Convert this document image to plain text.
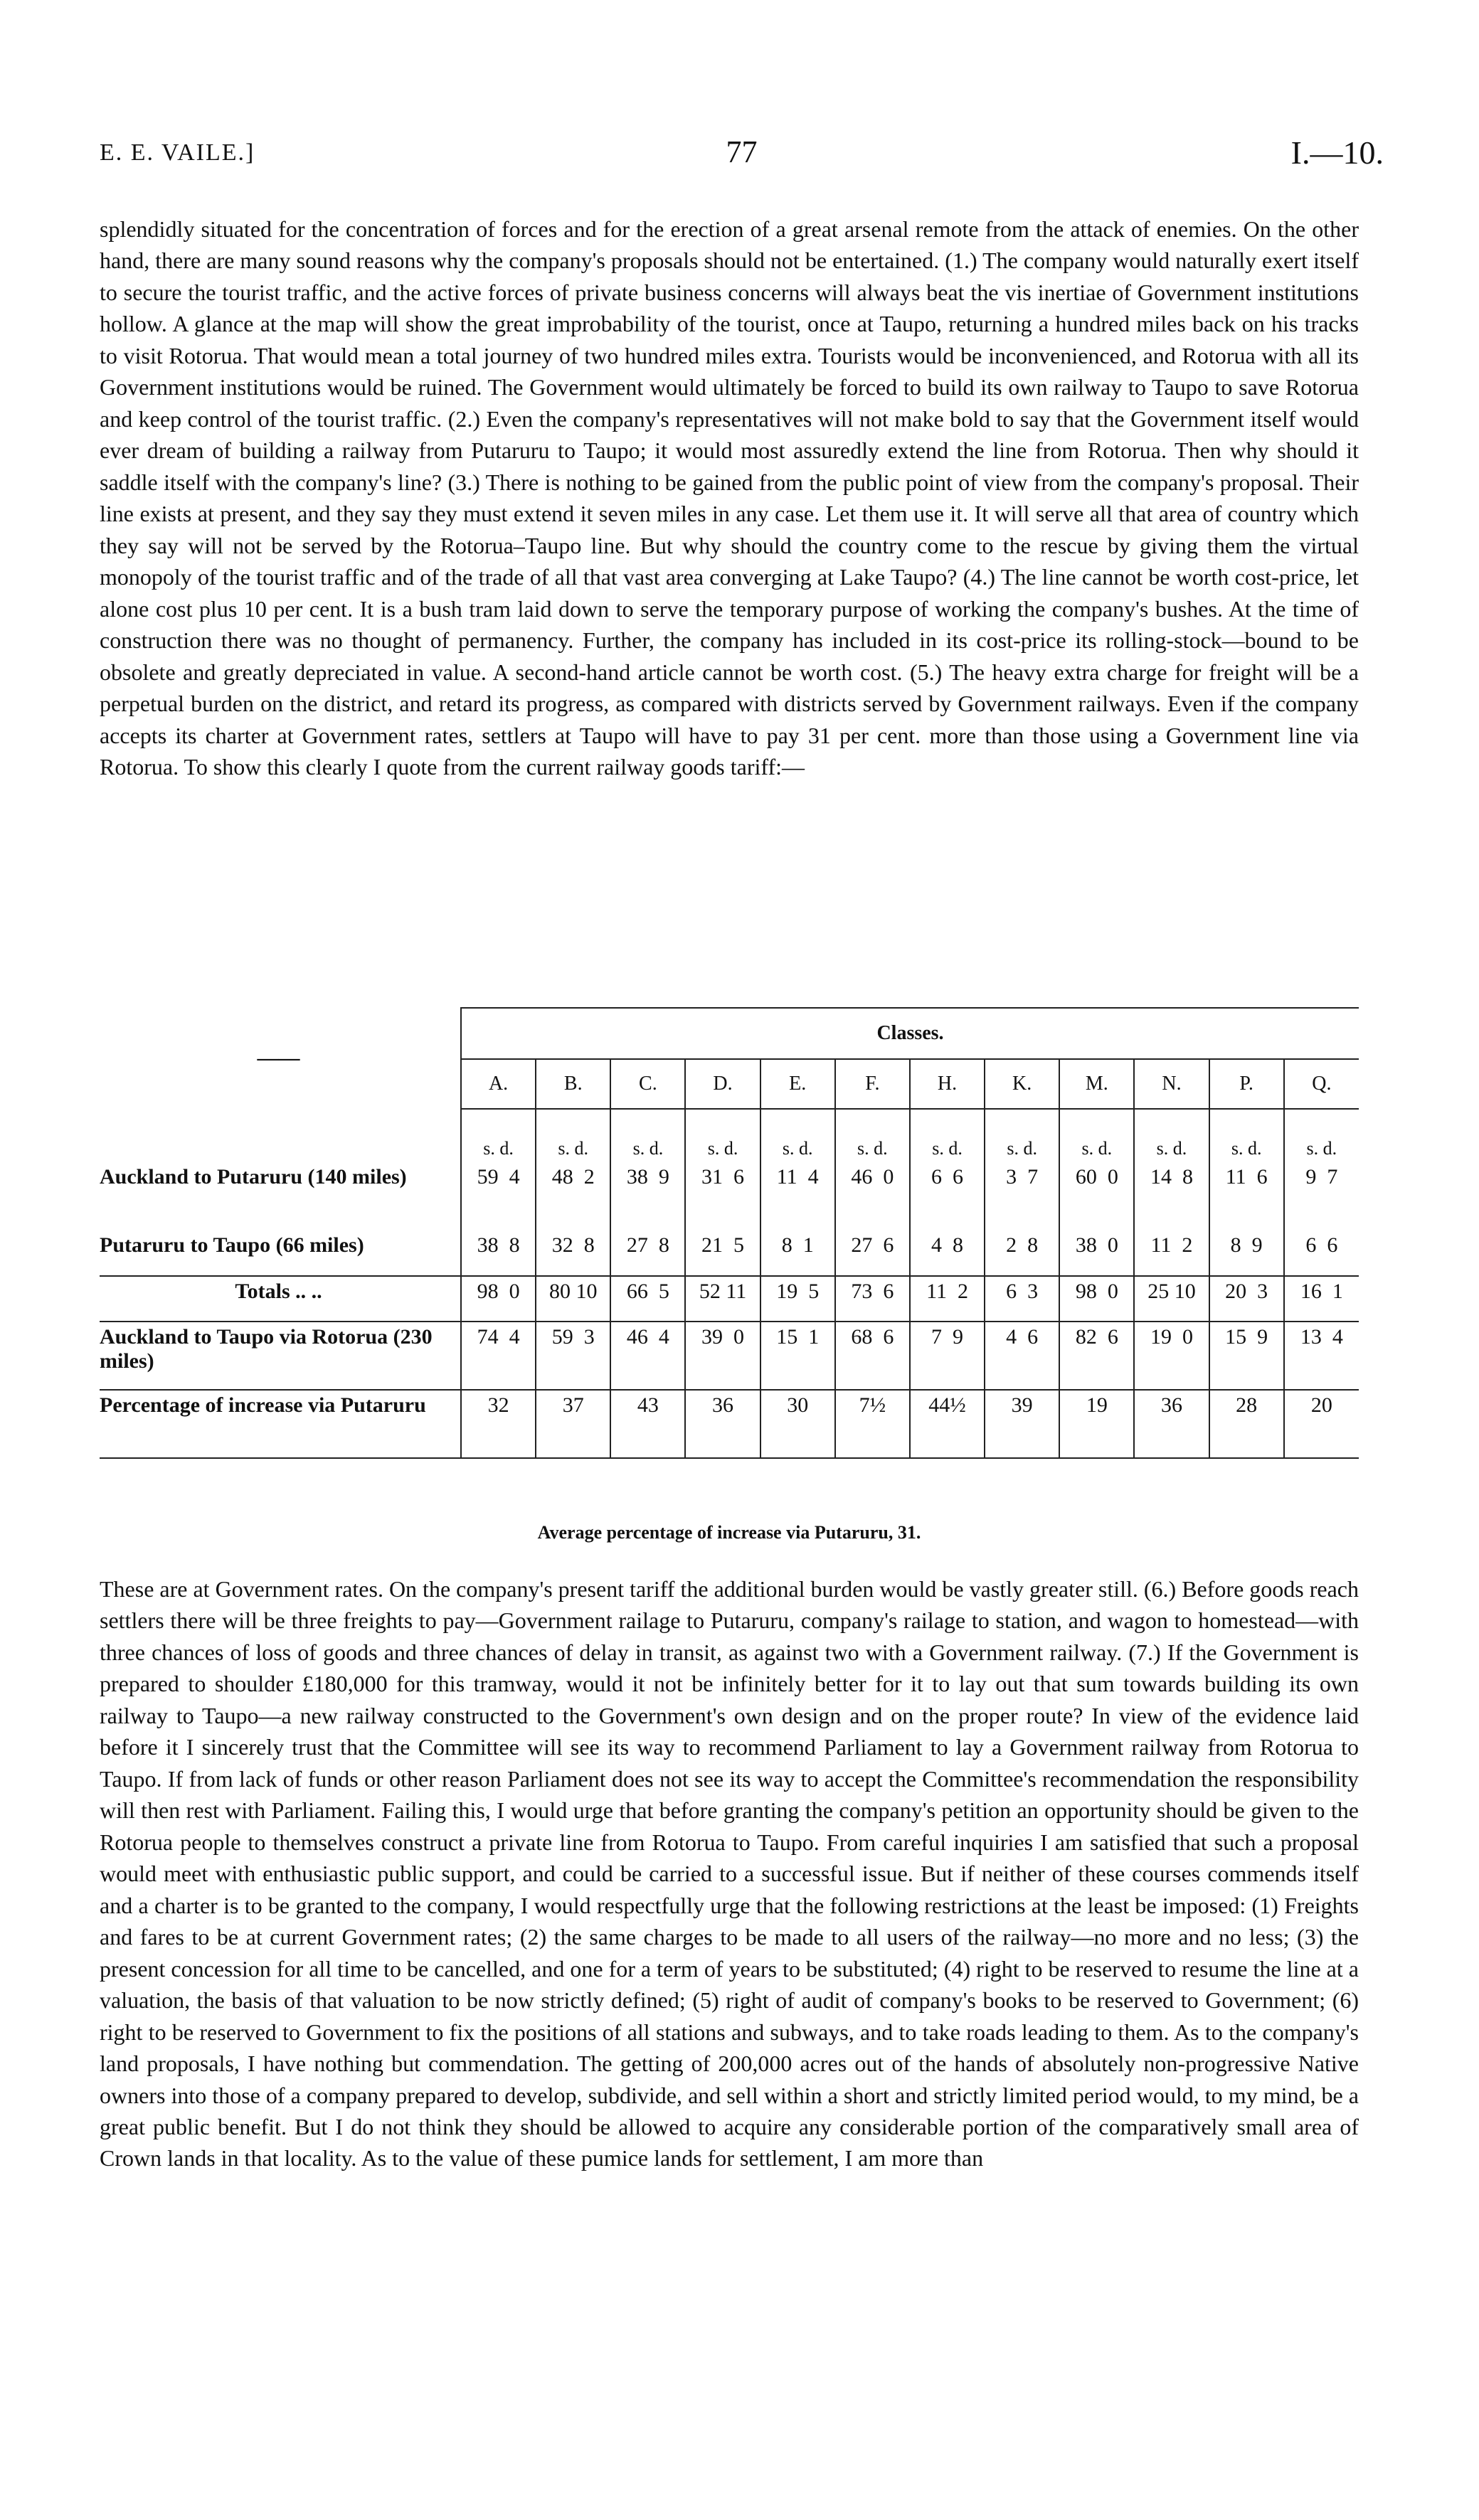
E. E. VAILE.]	77	I.—10.

splendidly situated for the concentration of forces and for the erection of a great arsenal remote from the attack of enemies. On the other hand, there are many sound reasons why the company's proposals should not be entertained. (1.) The company would naturally exert itself to secure the tourist traffic, and the active forces of private business concerns will always beat the vis inertiae of Government institutions hollow. A glance at the map will show the great improbability of the tourist, once at Taupo, returning a hundred miles back on his tracks to visit Rotorua. That would mean a total journey of two hundred miles extra. Tourists would be inconvenienced, and Rotorua with all its Government institutions would be ruined. The Government would ultimately be forced to build its own railway to Taupo to save Rotorua and keep control of the tourist traffic. (2.) Even the company's representatives will not make bold to say that the Government itself would ever dream of building a railway from Putaruru to Taupo; it would most assuredly extend the line from Rotorua. Then why should it saddle itself with the company's line? (3.) There is nothing to be gained from the public point of view from the company's proposal. Their line exists at present, and they say they must extend it seven miles in any case. Let them use it. It will serve all that area of country which they say will not be served by the Rotorua–Taupo line. But why should the country come to the rescue by giving them the virtual monopoly of the tourist traffic and of the trade of all that vast area converging at Lake Taupo? (4.) The line cannot be worth cost-price, let alone cost plus 10 per cent. It is a bush tram laid down to serve the temporary purpose of working the company's bushes. At the time of construction there was no thought of permanency. Further, the company has included in its cost-price its rolling-stock—bound to be obsolete and greatly depreciated in value. A second-hand article cannot be worth cost. (5.) The heavy extra charge for freight will be a perpetual burden on the district, and retard its progress, as compared with districts served by Government railways. Even if the company accepts its charter at Government rates, settlers at Taupo will have to pay 31 per cent. more than those using a Government line via Rotorua. To show this clearly I quote from the current railway goods tariff:—

——	Classes.											
	A.	B.	C.	D.	E.	F.	H.	K.	M.	N.	P.	Q.
	s. d.	s. d.	s. d.	s. d.	s. d.	s. d.	s. d.	s. d.	s. d.	s. d.	s. d.	s. d.
Auckland to Putaruru (140 miles)	59  4	48  2	38  9	31  6	11  4	46  0	6  6	3  7	60  0	14  8	11  6	9  7
Putaruru to Taupo (66 miles)	38  8	32  8	27  8	21  5	8  1	27  6	4  8	2  8	38  0	11  2	8  9	6  6
Totals .. ..	98  0	80 10	66  5	52 11	19  5	73  6	11  2	6  3	98  0	25 10	20  3	16  1
Auckland to Taupo via Rotorua (230 miles)	74  4	59  3	46  4	39  0	15  1	68  6	7  9	4  6	82  6	19  0	15  9	13  4
Percentage of increase via Putaruru	32	37	43	36	30	7½	44½	39	19	36	28	20
Average percentage of increase via Putaruru, 31.

These are at Government rates. On the company's present tariff the additional burden would be vastly greater still. (6.) Before goods reach settlers there will be three freights to pay—Government railage to Putaruru, company's railage to station, and wagon to homestead—with three chances of loss of goods and three chances of delay in transit, as against two with a Government railway. (7.) If the Government is prepared to shoulder £180,000 for this tramway, would it not be infinitely better for it to lay out that sum towards building its own railway to Taupo—a new railway constructed to the Government's own design and on the proper route? In view of the evidence laid before it I sincerely trust that the Committee will see its way to recommend Parliament to lay a Government railway from Rotorua to Taupo. If from lack of funds or other reason Parliament does not see its way to accept the Committee's recommendation the responsibility will then rest with Parliament. Failing this, I would urge that before granting the company's petition an opportunity should be given to the Rotorua people to themselves construct a private line from Rotorua to Taupo. From careful inquiries I am satisfied that such a proposal would meet with enthusiastic public support, and could be carried to a successful issue. But if neither of these courses commends itself and a charter is to be granted to the company, I would respectfully urge that the following restrictions at the least be imposed: (1) Freights and fares to be at current Government rates; (2) the same charges to be made to all users of the railway—no more and no less; (3) the present concession for all time to be cancelled, and one for a term of years to be substituted; (4) right to be reserved to resume the line at a valuation, the basis of that valuation to be now strictly defined; (5) right of audit of company's books to be reserved to Government; (6) right to be reserved to Government to fix the positions of all stations and subways, and to take roads leading to them. As to the company's land proposals, I have nothing but commendation. The getting of 200,000 acres out of the hands of absolutely non-progressive Native owners into those of a company prepared to develop, subdivide, and sell within a short and strictly limited period would, to my mind, be a great public benefit. But I do not think they should be allowed to acquire any considerable portion of the comparatively small area of Crown lands in that locality. As to the value of these pumice lands for settlement, I am more than
